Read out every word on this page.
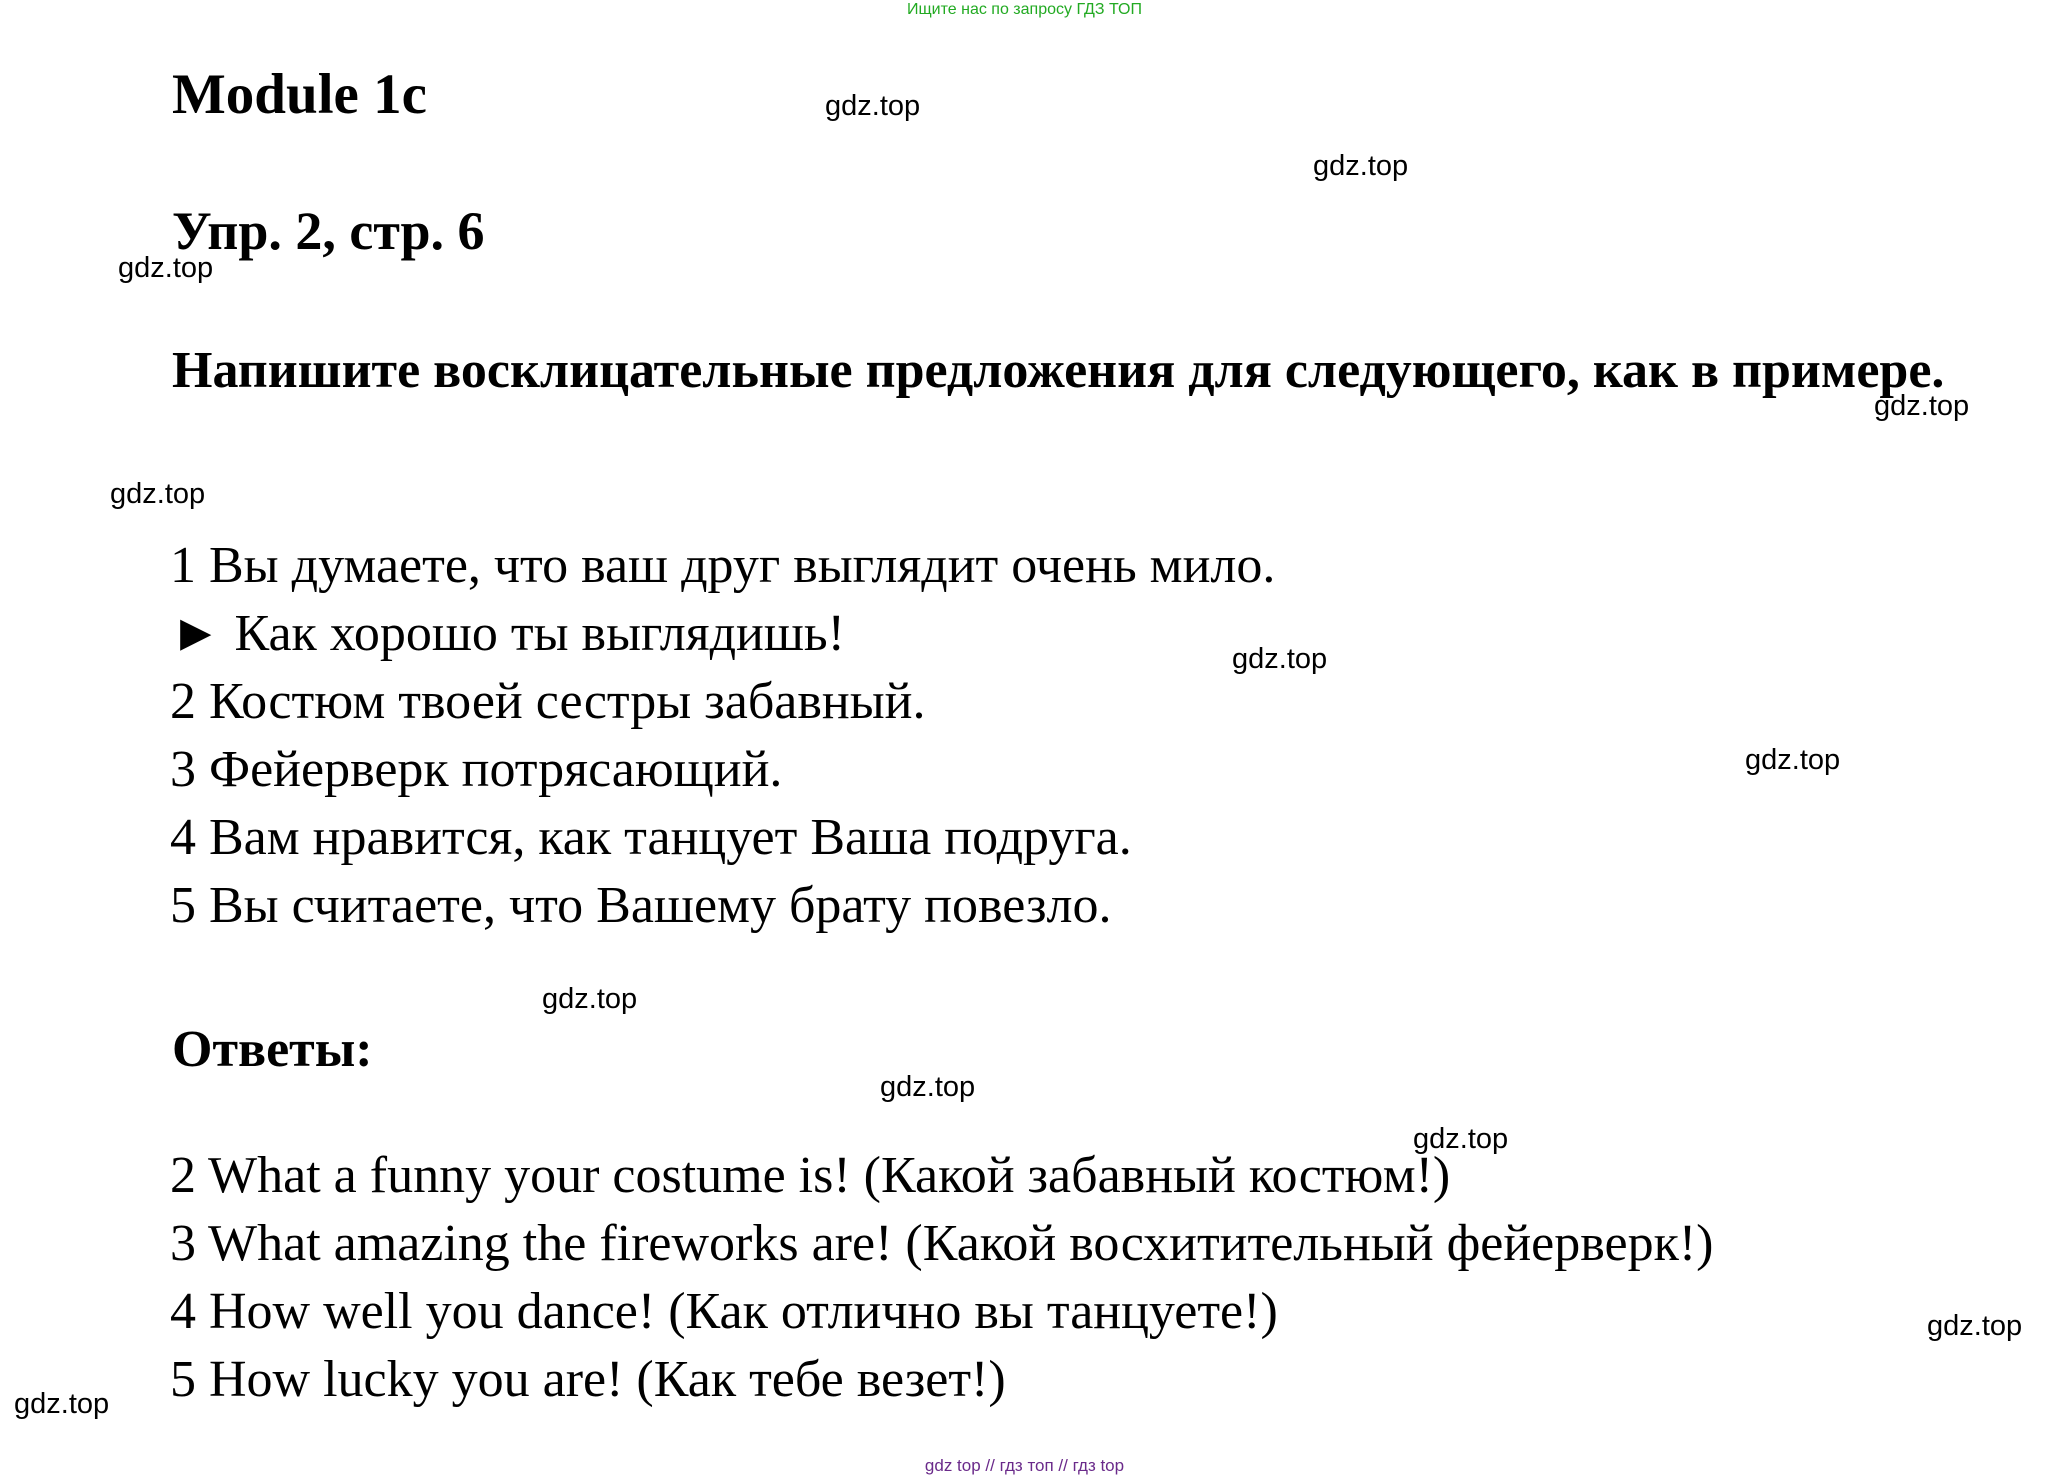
Ищите нас по запросу ГДЗ ТОП
Module 1c
Упр. 2, стр. 6
Напишите восклицательные предложения для следующего, как в примере.
1 Вы думаете, что ваш друг выглядит очень мило.
► Как хорошо ты выглядишь!
2 Костюм твоей сестры забавный.
3 Фейерверк потрясающий.
4 Вам нравится, как танцует Ваша подруга.
5 Вы считаете, что Вашему брату повезло.
Ответы:
2 What a funny your costume is! (Какой забавный костюм!)
3 What amazing the fireworks are! (Какой восхитительный фейерверк!)
4 How well you dance! (Как отлично вы танцуете!)
5 How lucky you are! (Как тебе везет!)
gdz.top
gdz.top
gdz.top
gdz.top
gdz.top
gdz.top
gdz.top
gdz.top
gdz.top
gdz.top
gdz.top
gdz.top
gdz top // гдз топ // гдз top
